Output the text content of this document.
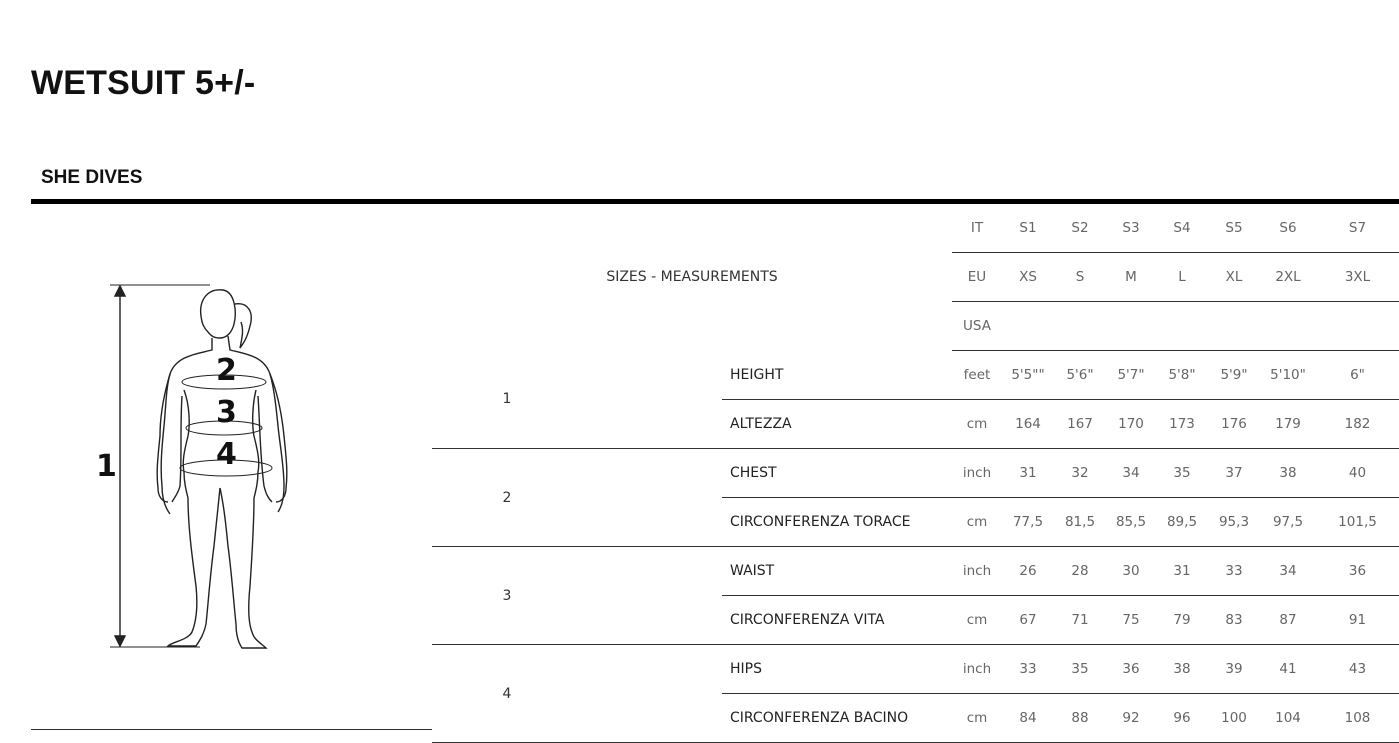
WETSUIT 5+/-
SHE DIVES
1
2
3
4
SIZES - MEASUREMENTS		IT	S1	S2	S3	S4	S5	S6	S7
		EU	XS	S	M	L	XL	2XL	3XL
		USA							
1	HEIGHT	feet	5'5""	5'6"	5'7"	5'8"	5'9"	5'10"	6"
	ALTEZZA	cm	164	167	170	173	176	179	182
2	CHEST	inch	31	32	34	35	37	38	40
	CIRCONFERENZA TORACE	cm	77,5	81,5	85,5	89,5	95,3	97,5	101,5
3	WAIST	inch	26	28	30	31	33	34	36
	CIRCONFERENZA VITA	cm	67	71	75	79	83	87	91
4	HIPS	inch	33	35	36	38	39	41	43
	CIRCONFERENZA BACINO	cm	84	88	92	96	100	104	108
